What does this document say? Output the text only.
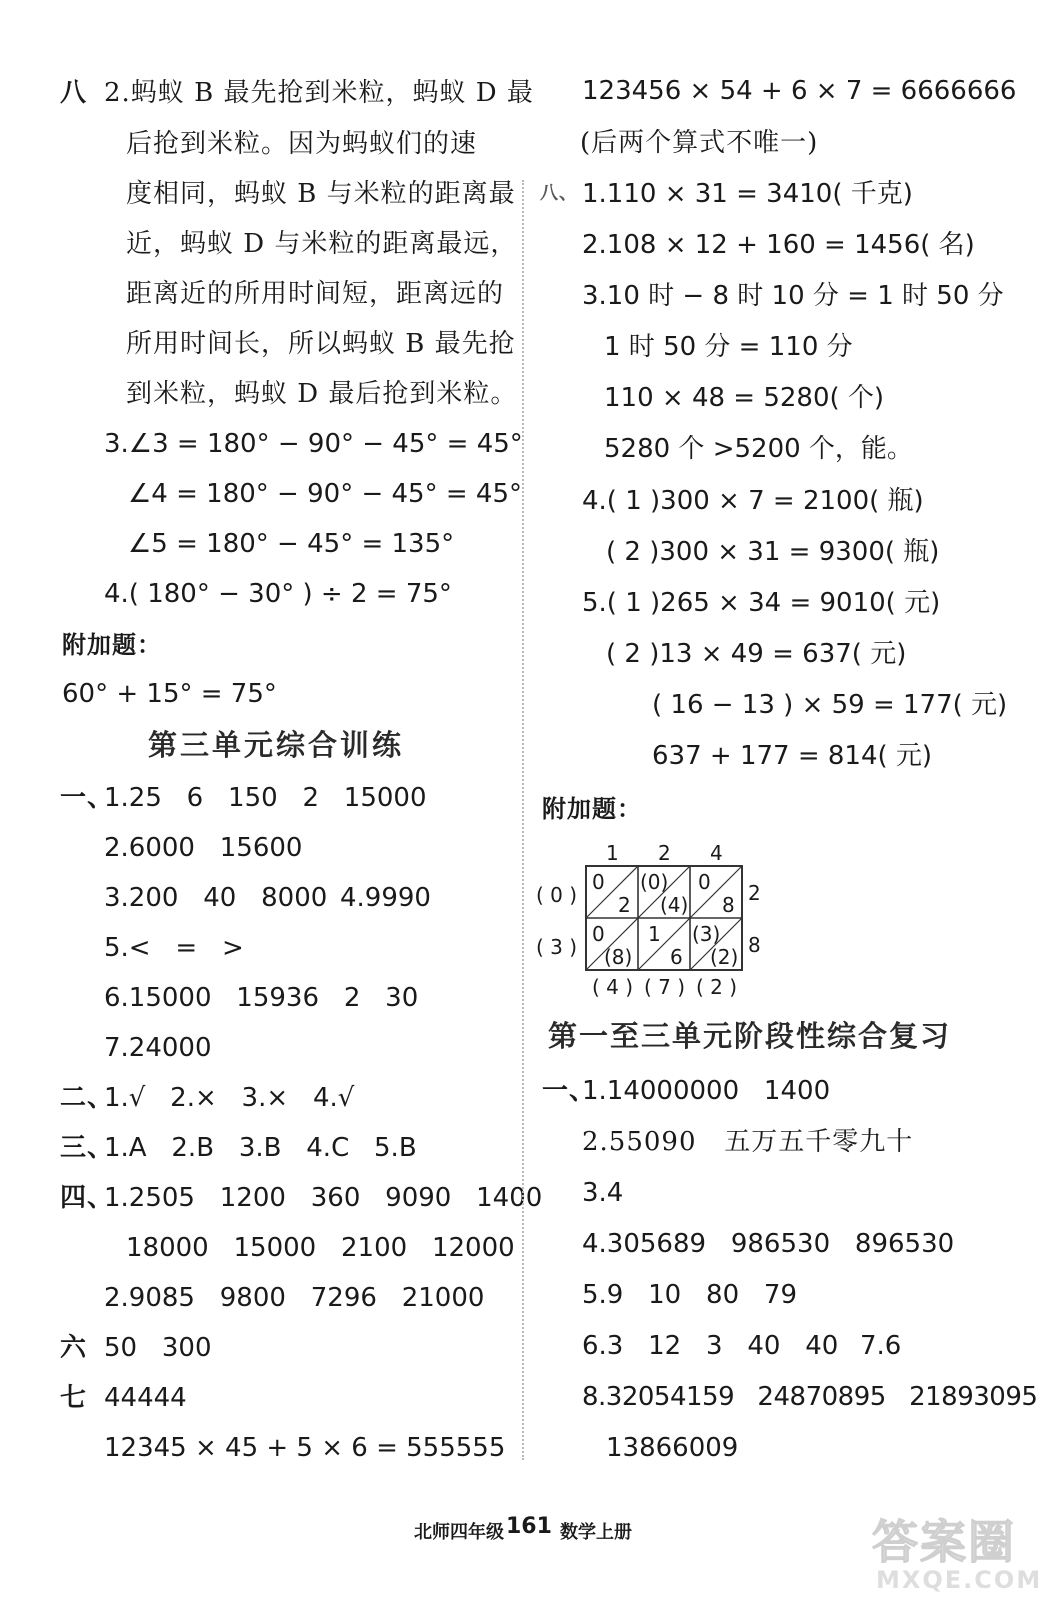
八 2.蚂蚁 B 最先抢到米粒，蚂蚁 D 最
后抢到米粒。因为蚂蚁们的速
度相同，蚂蚁 B 与米粒的距离最
近，蚂蚁 D 与米粒的距离最远，
距离近的所用时间短，距离远的
所用时间长，所以蚂蚁 B 最先抢
到米粒，蚂蚁 D 最后抢到米粒。
3.∠3 = 180° − 90° − 45° = 45°
∠4 = 180° − 90° − 45° = 45°
∠5 = 180° − 45° = 135°
4.( 180° − 30° ) ÷ 2 = 75°
附加题：
60° + 15° = 75°
第三单元综合训练
一、
1.25   6   150   2   15000
2.6000   15600
3.200   40   8000 4.9990
5.<   =   >
6.15000   15936   2   30
7.24000
二、
1.√   2.×   3.×   4.√
三、
1.A   2.B   3.B   4.C   5.B
四、
1.2505   1200   360   9090   1400
18000   15000   2100   12000
2.9085   9800   7296   21000
六 50   300
七 44444
12345 × 45 + 5 × 6 = 555555
123456 × 54 + 6 × 7 = 6666666
(后两个算式不唯一)
八、 1.110 × 31 = 3410( 千克)
2.108 × 12 + 160 = 1456( 名)
3.10 时 − 8 时 10 分 = 1 时 50 分
1 时 50 分 = 110 分
110 × 48 = 5280( 个)
5280 个 >5200 个，能。
4.( 1 )300 × 7 = 2100( 瓶)
( 2 )300 × 31 = 9300( 瓶)
5.( 1 )265 × 34 = 9010( 元)
( 2 )13 × 49 = 637( 元)
( 16 − 13 ) × 59 = 177( 元)
637 + 177 = 814( 元)
附加题：
1 2 4
2
8
( 0 )
( 3 )
( 4 ) ( 7 ) ( 2 )
0
2
(0)
(4)
0
8
0
(8)
1
6
(3)
(2)
第一至三单元阶段性综合复习
一、
1.14000000   1400
2.55090   五万五千零九十
3.4
4.305689   986530   896530
5.9   10   80   79
6.3   12   3   40   40 7.6
8.32054159   24870895   21893095
13866009
北师四年级 161 数学上册	答案圈
MXQE.COM
